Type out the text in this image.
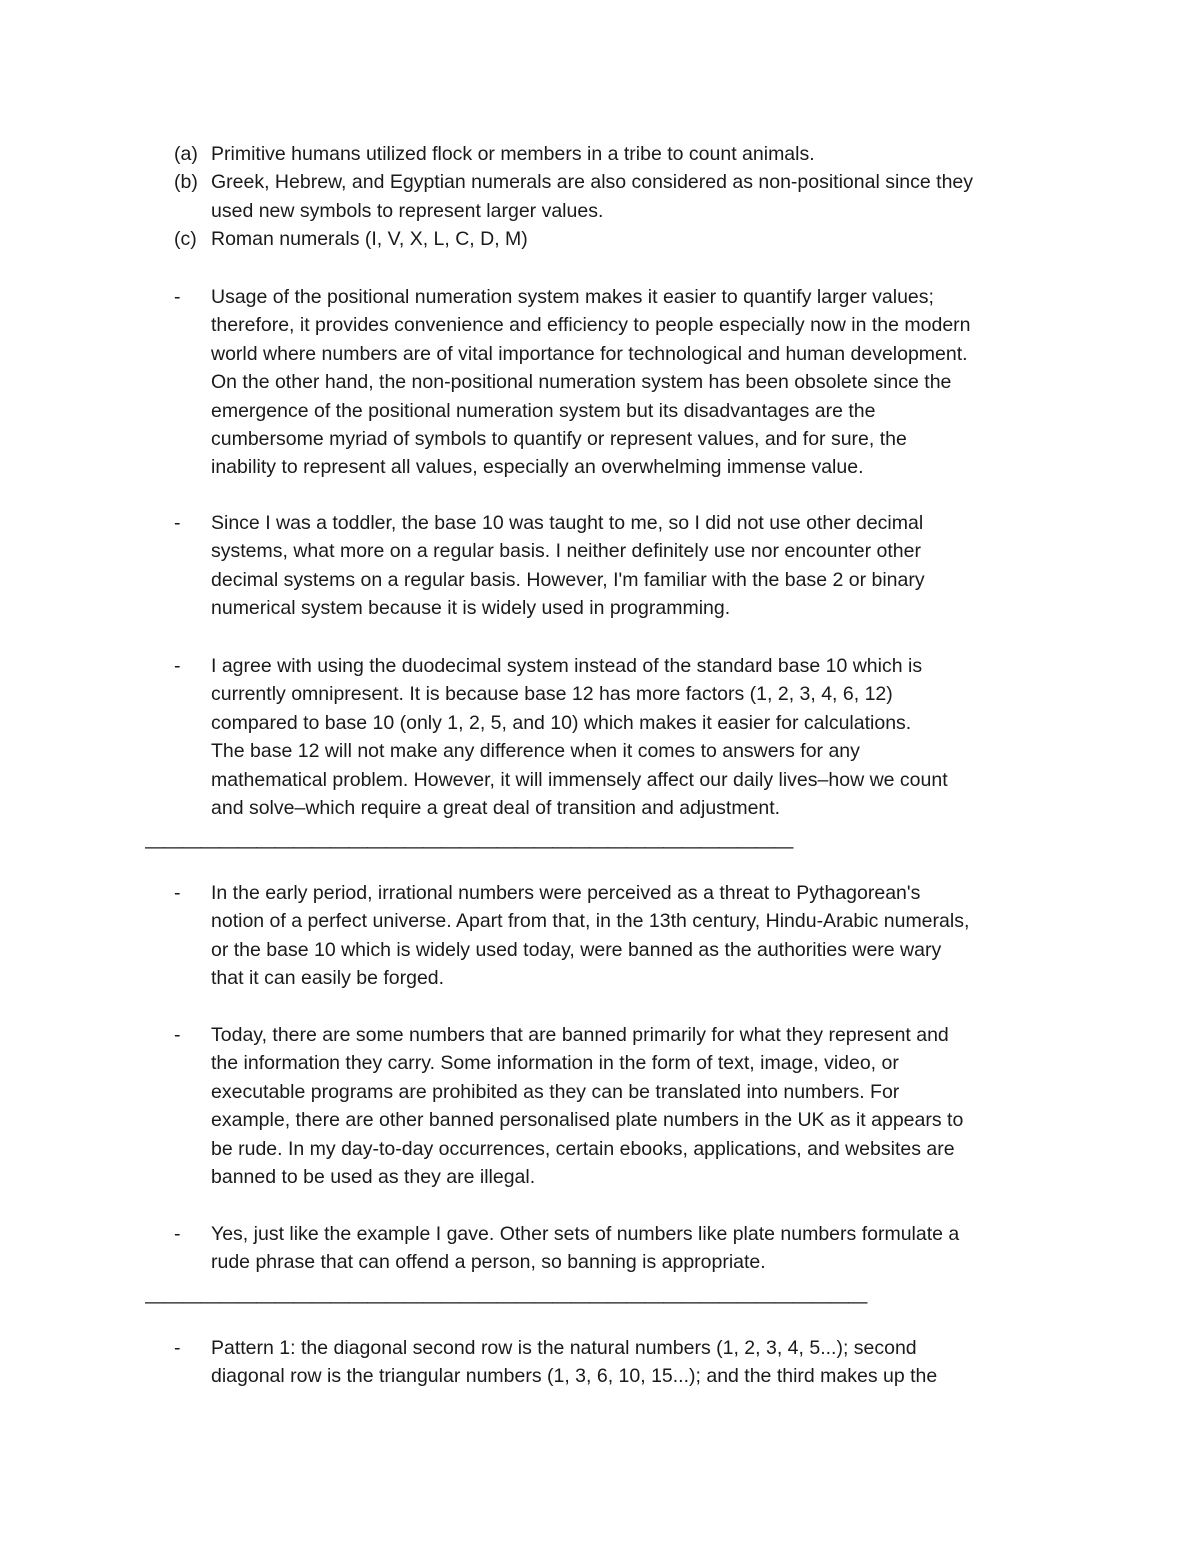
(a) Primitive humans utilized flock or members in a tribe to count animals.
(b) Greek, Hebrew, and Egyptian numerals are also considered as non-positional since they
used new symbols to represent larger values.
(c) Roman numerals (I, V, X, L, C, D, M)
-	Usage of the positional numeration system makes it easier to quantify larger values;
therefore, it provides convenience and efficiency to people especially now in the modern
world where numbers are of vital importance for technological and human development.
On the other hand, the non-positional numeration system has been obsolete since the
emergence of the positional numeration system but its disadvantages are the
cumbersome myriad of symbols to quantify or represent values, and for sure, the
inability to represent all values, especially an overwhelming immense value.
-	Since I was a toddler, the base 10 was taught to me, so I did not use other decimal
systems, what more on a regular basis. I neither definitely use nor encounter other
decimal systems on a regular basis. However, I'm familiar with the base 2 or binary
numerical system because it is widely used in programming.
-	I agree with using the duodecimal system instead of the standard base 10 which is
currently omnipresent. It is because base 12 has more factors (1, 2, 3, 4, 6, 12)
compared to base 10 (only 1, 2, 5, and 10) which makes it easier for calculations.
The base 12 will not make any difference when it comes to answers for any
mathematical problem. However, it will immensely affect our daily lives–how we count
and solve–which require a great deal of transition and adjustment.
———————————————————————————————————
-	In the early period, irrational numbers were perceived as a threat to Pythagorean's
notion of a perfect universe. Apart from that, in the 13th century, Hindu-Arabic numerals,
or the base 10 which is widely used today, were banned as the authorities were wary
that it can easily be forged.
-	Today, there are some numbers that are banned primarily for what they represent and
the information they carry. Some information in the form of text, image, video, or
executable programs are prohibited as they can be translated into numbers. For
example, there are other banned personalised plate numbers in the UK as it appears to
be rude. In my day-to-day occurrences, certain ebooks, applications, and websites are
banned to be used as they are illegal.
-	Yes, just like the example I gave. Other sets of numbers like plate numbers formulate a
rude phrase that can offend a person, so banning is appropriate.
———————————————————————————————————————
-	Pattern 1: the diagonal second row is the natural numbers (1, 2, 3, 4, 5...); second
diagonal row is the triangular numbers (1, 3, 6, 10, 15...); and the third makes up the
